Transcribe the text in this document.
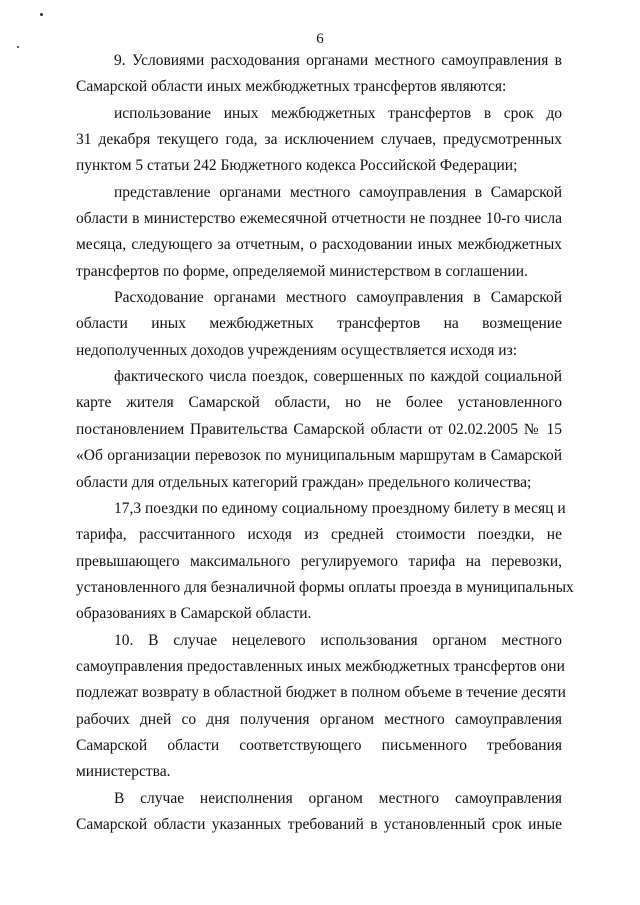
6
9. Условиями расходования органами местного самоуправления в
Самарской области иных межбюджетных трансфертов являются:
использование иных межбюджетных трансфертов в срок до
31 декабря текущего года, за исключением случаев, предусмотренных
пунктом 5 статьи 242 Бюджетного кодекса Российской Федерации;
представление органами местного самоуправления в Самарской
области в министерство ежемесячной отчетности не позднее 10-го числа
месяца, следующего за отчетным, о расходовании иных межбюджетных
трансфертов по форме, определяемой министерством в соглашении.
Расходование органами местного самоуправления в Самарской
области иных межбюджетных трансфертов на возмещение
недополученных доходов учреждениям осуществляется исходя из:
фактического числа поездок, совершенных по каждой социальной
карте жителя Самарской области, но не более установленного
постановлением Правительства Самарской области от 02.02.2005 № 15
«Об организации перевозок по муниципальным маршрутам в Самарской
области для отдельных категорий граждан» предельного количества;
17,3 поездки по единому социальному проездному билету в месяц и
тарифа, рассчитанного исходя из средней стоимости поездки, не
превышающего максимального регулируемого тарифа на перевозки,
установленного для безналичной формы оплаты проезда в муниципальных
образованиях в Самарской области.
10. В случае нецелевого использования органом местного
самоуправления предоставленных иных межбюджетных трансфертов они
подлежат возврату в областной бюджет в полном объеме в течение десяти
рабочих дней со дня получения органом местного самоуправления
Самарской области соответствующего письменного требования
министерства.
В случае неисполнения органом местного самоуправления
Самарской области указанных требований в установленный срок иные
